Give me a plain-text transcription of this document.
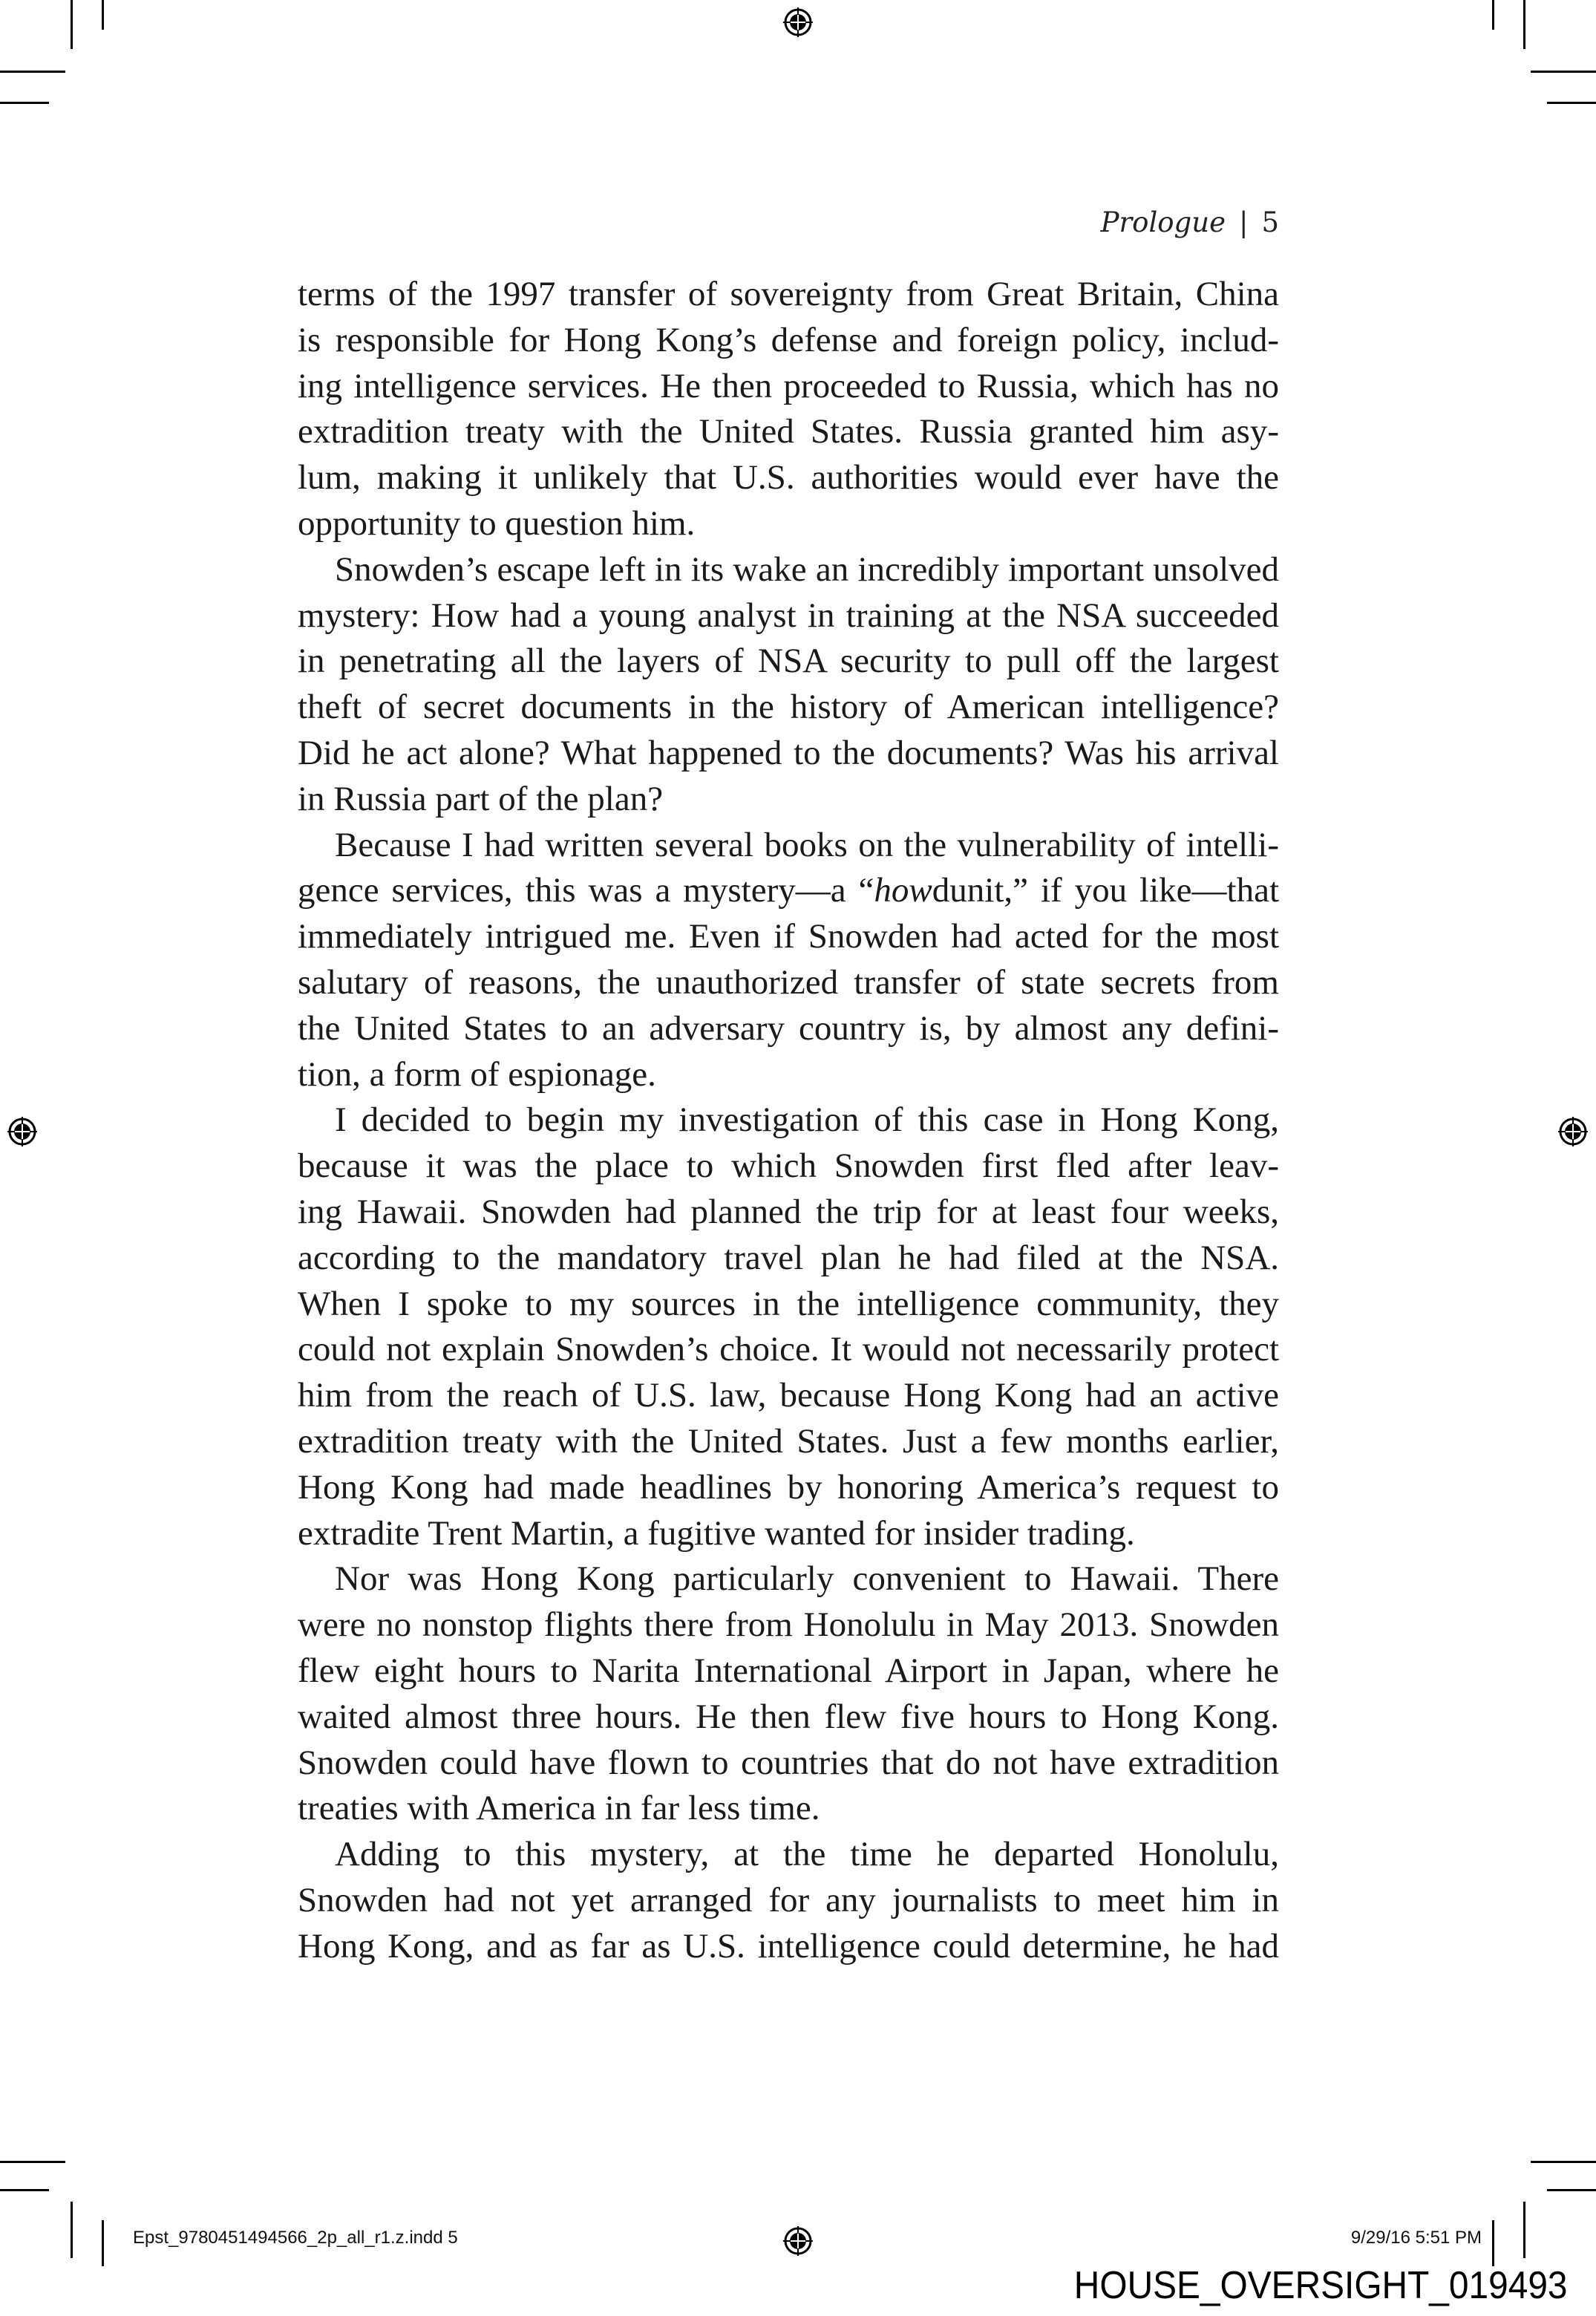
Prologue | 5
terms of the 1997 transfer of sovereignty from Great Britain, China
is responsible for Hong Kong’s defense and foreign policy, includ-
ing intelligence services. He then proceeded to Russia, which has no
extradition treaty with the United States. Russia granted him asy-
lum, making it unlikely that U.S. authorities would ever have the
opportunity to question him.
Snowden’s escape left in its wake an incredibly important unsolved
mystery: How had a young analyst in training at the NSA succeeded
in penetrating all the layers of NSA security to pull off the largest
theft of secret documents in the history of American intelligence?
Did he act alone? What happened to the documents? Was his arrival
in Russia part of the plan?
Because I had written several books on the vulnerability of intelli-
gence services, this was a mystery—a “howdunit,” if you like—that
immediately intrigued me. Even if Snowden had acted for the most
salutary of reasons, the unauthorized transfer of state secrets from
the United States to an adversary country is, by almost any defini-
tion, a form of espionage.
I decided to begin my investigation of this case in Hong Kong,
because it was the place to which Snowden first fled after leav-
ing Hawaii. Snowden had planned the trip for at least four weeks,
according to the mandatory travel plan he had filed at the NSA.
When I spoke to my sources in the intelligence community, they
could not explain Snowden’s choice. It would not necessarily protect
him from the reach of U.S. law, because Hong Kong had an active
extradition treaty with the United States. Just a few months earlier,
Hong Kong had made headlines by honoring America’s request to
extradite Trent Martin, a fugitive wanted for insider trading.
Nor was Hong Kong particularly convenient to Hawaii. There
were no nonstop flights there from Honolulu in May 2013. Snowden
flew eight hours to Narita International Airport in Japan, where he
waited almost three hours. He then flew five hours to Hong Kong.
Snowden could have flown to countries that do not have extradition
treaties with America in far less time.
Adding to this mystery, at the time he departed Honolulu,
Snowden had not yet arranged for any journalists to meet him in
Hong Kong, and as far as U.S. intelligence could determine, he had
Epst_9780451494566_2p_all_r1.z.indd 5	9/29/16 5:51 PM
HOUSE_OVERSIGHT_019493
